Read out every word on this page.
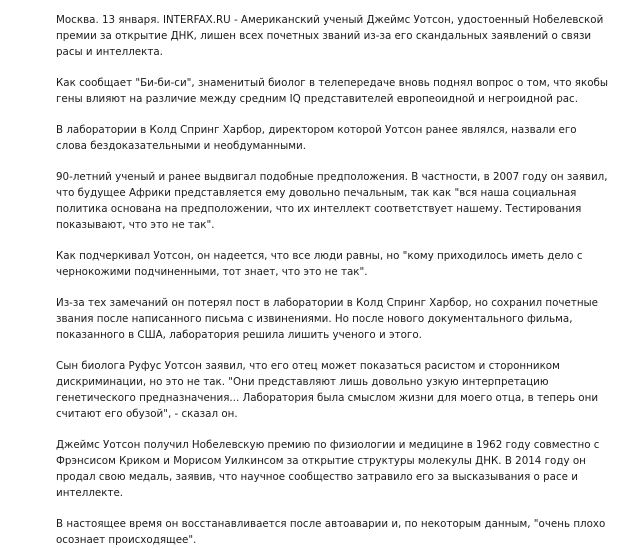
Москва. 13 января. INTERFAX.RU - Американский ученый Джеймс Уотсон, удостоенный Нобелевской премии за открытие ДНК, лишен всех почетных званий из-за его скандальных заявлений о связи расы и интеллекта.

Как сообщает "Би-би-си", знаменитый биолог в телепередаче вновь поднял вопрос о том, что якобы гены влияют на различие между средним IQ представителей европеоидной и негроидной рас.

В лаборатории в Колд Спринг Харбор, директором которой Уотсон ранее являлся, назвали его слова бездоказательными и необдуманными.

90-летний ученый и ранее выдвигал подобные предположения. В частности, в 2007 году он заявил, что будущее Африки представляется ему довольно печальным, так как "вся наша социальная политика основана на предположении, что их интеллект соответствует нашему. Тестирования показывают, что это не так".

Как подчеркивал Уотсон, он надеется, что все люди равны, но "кому приходилось иметь дело с чернокожими подчиненными, тот знает, что это не так".

Из-за тех замечаний он потерял пост в лаборатории в Колд Спринг Харбор, но сохранил почетные звания после написанного письма с извинениями. Но после нового документального фильма, показанного в США, лаборатория решила лишить ученого и этого.

Сын биолога Руфус Уотсон заявил, что его отец может показаться расистом и сторонником дискриминации, но это не так. "Они представляют лишь довольно узкую интерпретацию генетического предназначения... Лаборатория была смыслом жизни для моего отца, в теперь они считают его обузой", - сказал он.

Джеймс Уотсон получил Нобелевскую премию по физиологии и медицине в 1962 году совместно с Фрэнсисом Криком и Морисом Уилкинсом за открытие структуры молекулы ДНК. В 2014 году он продал свою медаль, заявив, что научное сообщество затравило его за высказывания о расе и интеллекте.

В настоящее время он восстанавливается после автоаварии и, по некоторым данным, "очень плохо осознает происходящее".
